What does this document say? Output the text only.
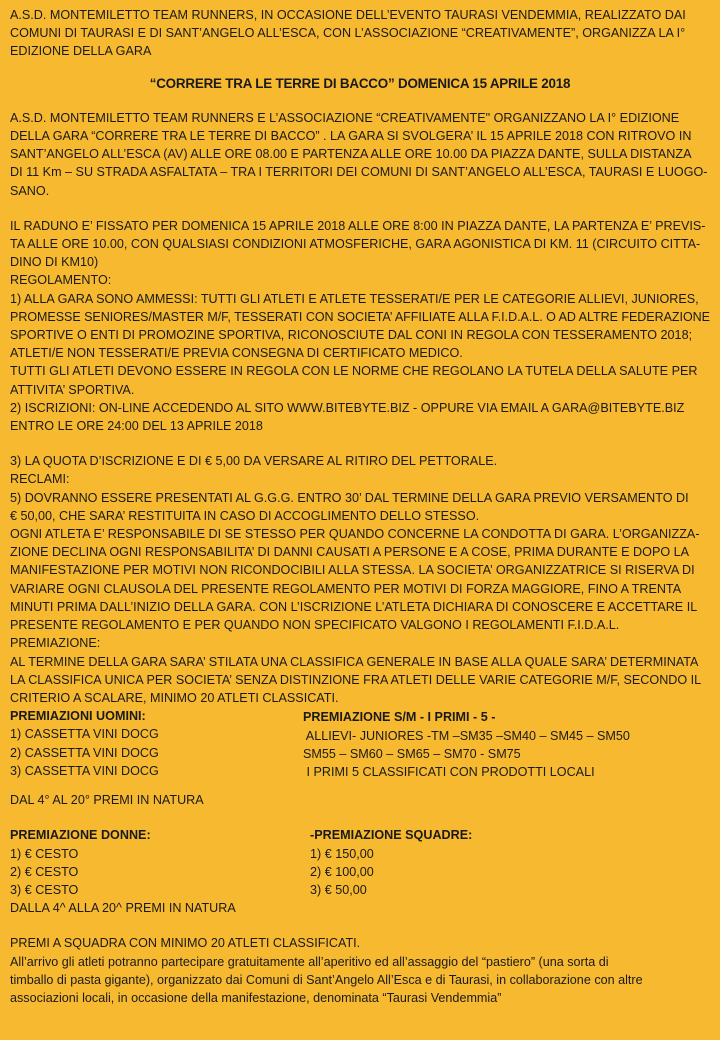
A.S.D. MONTEMILETTO TEAM RUNNERS, IN OCCASIONE DELL’EVENTO TAURASI VENDEMMIA, REALIZZATO DAI
COMUNI DI TAURASI E DI SANT’ANGELO ALL’ESCA, CON L’ASSOCIAZIONE “CREATIVAMENTE”, ORGANIZZA LA I°
EDIZIONE DELLA GARA
“CORRERE TRA LE TERRE DI BACCO” DOMENICA 15 APRILE 2018
A.S.D. MONTEMILETTO TEAM RUNNERS E L’ASSOCIAZIONE “CREATIVAMENTE" ORGANIZZANO LA I° EDIZIONE
DELLA GARA “CORRERE TRA LE TERRE DI BACCO” . LA GARA SI SVOLGERA’ IL 15 APRILE 2018 CON RITROVO IN
SANT’ANGELO ALL’ESCA (AV) ALLE ORE 08.00 E PARTENZA ALLE ORE 10.00 DA PIAZZA DANTE, SULLA DISTANZA
DI 11 Km – SU STRADA ASFALTATA – TRA I TERRITORI DEI COMUNI DI SANT’ANGELO ALL’ESCA, TAURASI E LUOGO-
SANO.
IL RADUNO E’ FISSATO PER DOMENICA 15 APRILE 2018 ALLE ORE 8:00 IN PIAZZA DANTE, LA PARTENZA E’ PREVIS-
TA ALLE ORE 10.00, CON QUALSIASI CONDIZIONI ATMOSFERICHE, GARA AGONISTICA DI KM. 11 (CIRCUITO CITTA-
DINO DI KM10)
REGOLAMENTO:
1) ALLA GARA SONO AMMESSI: TUTTI GLI ATLETI E ATLETE TESSERATI/E PER LE CATEGORIE ALLIEVI, JUNIORES,
PROMESSE SENIORES/MASTER M/F, TESSERATI CON SOCIETA’ AFFILIATE ALLA F.I.D.A.L. O AD ALTRE FEDERAZIONE
SPORTIVE O ENTI DI PROMOZINE SPORTIVA, RICONOSCIUTE DAL CONI IN REGOLA CON TESSERAMENTO 2018;
ATLETI/E NON TESSERATI/E PREVIA CONSEGNA DI CERTIFICATO MEDICO.
TUTTI GLI ATLETI DEVONO ESSERE IN REGOLA CON LE NORME CHE REGOLANO LA TUTELA DELLA SALUTE PER
ATTIVITA’ SPORTIVA.
2) ISCRIZIONI: ON-LINE ACCEDENDO AL SITO WWW.BITEBYTE.BIZ - OPPURE VIA EMAIL A GARA@BITEBYTE.BIZ
ENTRO LE ORE 24:00 DEL 13 APRILE 2018
3) LA QUOTA D’ISCRIZIONE E DI € 5,00 DA VERSARE AL RITIRO DEL PETTORALE.
RECLAMI:
5) DOVRANNO ESSERE PRESENTATI AL G.G.G. ENTRO 30’ DAL TERMINE DELLA GARA PREVIO VERSAMENTO DI
€ 50,00, CHE SARA’ RESTITUITA IN CASO DI ACCOGLIMENTO DELLO STESSO.
OGNI ATLETA E’ RESPONSABILE DI SE STESSO PER QUANDO CONCERNE LA CONDOTTA DI GARA. L’ORGANIZZA-
ZIONE DECLINA OGNI RESPONSABILITA’ DI DANNI CAUSATI A PERSONE E A COSE, PRIMA DURANTE E DOPO LA
MANIFESTAZIONE PER MOTIVI NON RICONDOCIBILI ALLA STESSA. LA SOCIETA’ ORGANIZZATRICE SI RISERVA DI
VARIARE OGNI CLAUSOLA DEL PRESENTE REGOLAMENTO PER MOTIVI DI FORZA MAGGIORE, FINO A TRENTA
MINUTI PRIMA DALL’INIZIO DELLA GARA. CON L’ISCRIZIONE L’ATLETA DICHIARA DI CONOSCERE E ACCETTARE IL
PRESENTE REGOLAMENTO E PER QUANDO NON SPECIFICATO VALGONO I REGOLAMENTI F.I.D.A.L.
PREMIAZIONE:
AL TERMINE DELLA GARA SARA’ STILATA UNA CLASSIFICA GENERALE IN BASE ALLA QUALE SARA’ DETERMINATA
LA CLASSIFICA UNICA PER SOCIETA’ SENZA DISTINZIONE FRA ATLETI DELLE VARIE CATEGORIE M/F, SECONDO IL
CRITERIO A SCALARE, MINIMO 20 ATLETI CLASSICATI.
PREMIAZIONI UOMINI:
1) CASSETTA VINI DOCG
2) CASSETTA VINI DOCG
3) CASSETTA VINI DOCG
PREMIAZIONE S/M - I PRIMI - 5 -
ALLIEVI- JUNIORES -TM –SM35 –SM40 – SM45 – SM50
SM55 – SM60 – SM65 – SM70 - SM75
I PRIMI 5 CLASSIFICATI CON PRODOTTI LOCALI
DAL 4° AL 20° PREMI IN NATURA
PREMIAZIONE DONNE:
1) € CESTO
2) € CESTO
3) € CESTO
DALLA 4^ ALLA 20^ PREMI IN NATURA
-PREMIAZIONE SQUADRE:
1) € 150,00
2) € 100,00
3) € 50,00
PREMI A SQUADRA CON MINIMO 20 ATLETI CLASSIFICATI.
All’arrivo gli atleti potranno partecipare gratuitamente all’aperitivo ed all’assaggio del “pastiero” (una sorta di
timballo di pasta gigante), organizzato dai Comuni di Sant’Angelo All’Esca e di Taurasi, in collaborazione con altre
associazioni locali, in occasione della manifestazione, denominata “Taurasi Vendemmia”
